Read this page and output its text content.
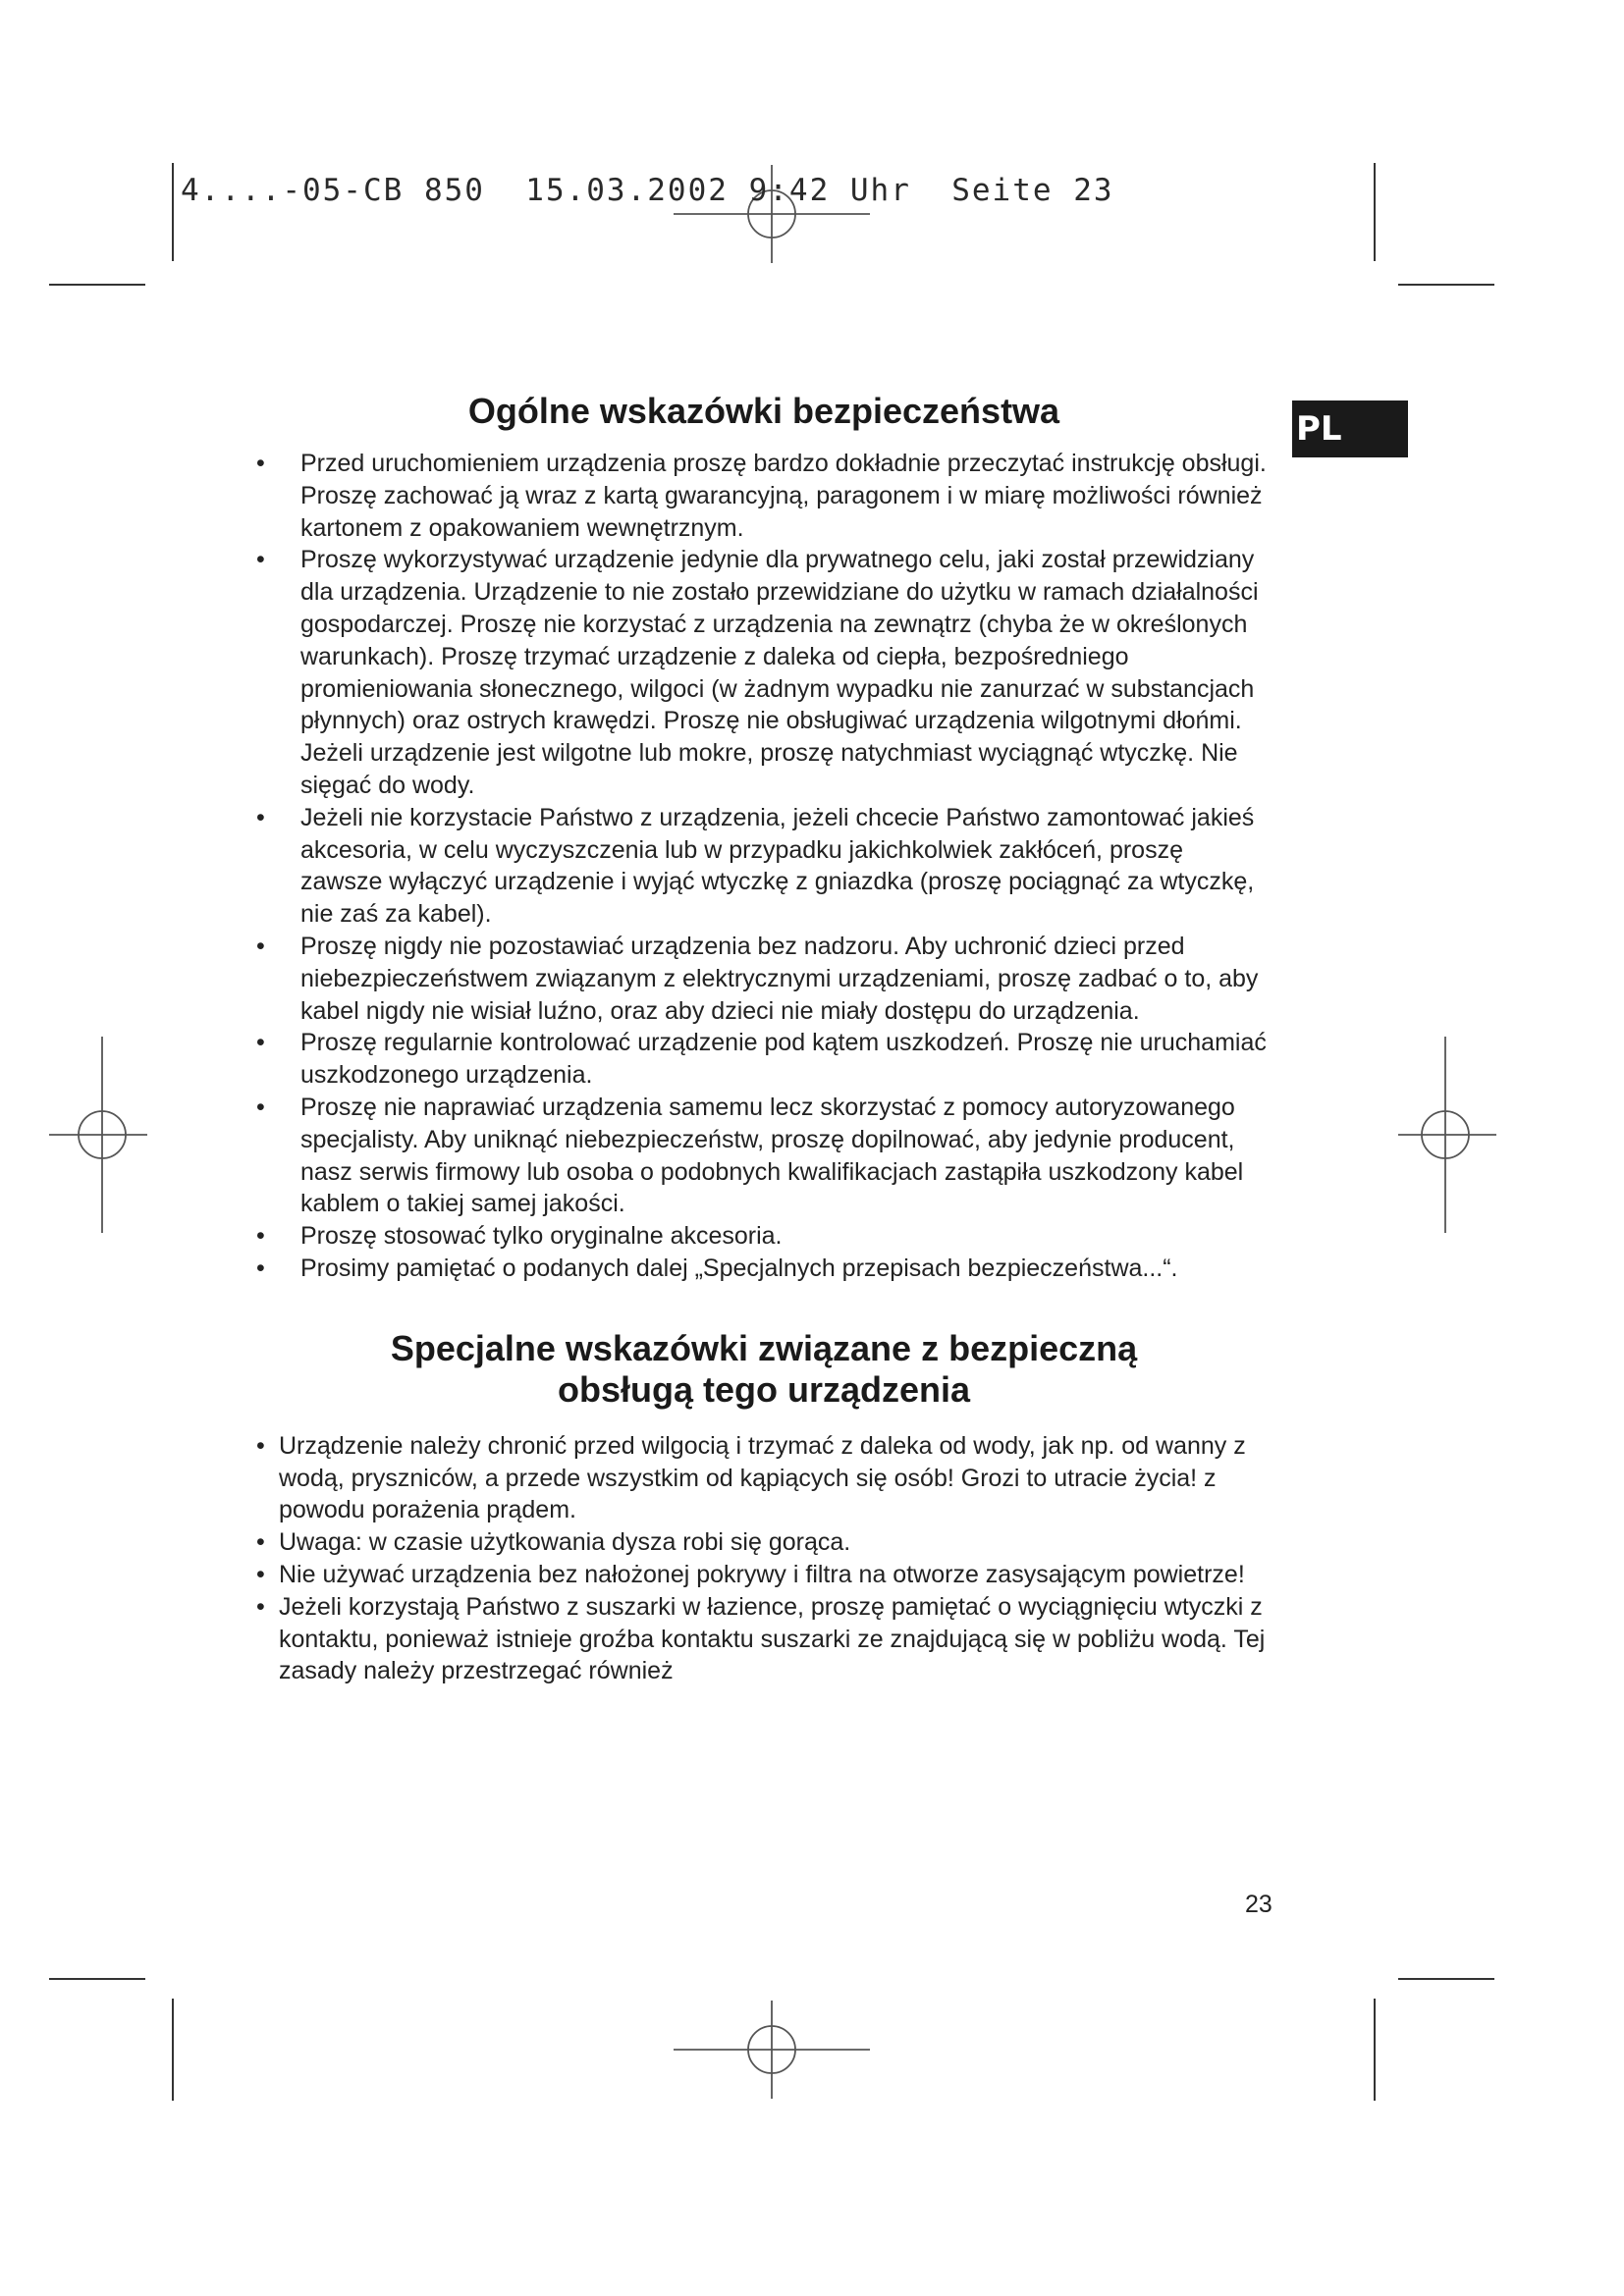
4....-05-CB 850  15.03.2002 9:42 Uhr  Seite 23
PL
Ogólne wskazówki bezpieczeństwa
• Przed uruchomieniem urządzenia proszę bardzo dokładnie przeczytać instrukcję obsługi. Proszę zachować ją wraz z kartą gwarancyjną, paragonem i w miarę możliwości również kartonem z opakowaniem wewnętrznym.
• Proszę wykorzystywać urządzenie jedynie dla prywatnego celu, jaki został przewidziany dla urządzenia. Urządzenie to nie zostało przewidziane do użytku w ramach działalności gospodarczej. Proszę nie korzystać z urządzenia na zewnątrz (chyba że w określonych warunkach). Proszę trzymać urządzenie z daleka od ciepła, bezpośredniego promieniowania słonecznego, wilgoci (w żadnym wypadku nie zanurzać w substancjach płynnych) oraz ostrych krawędzi. Proszę nie obsługiwać urządzenia wilgotnymi dłońmi. Jeżeli urządzenie jest wilgotne lub mokre, proszę natychmiast wyciągnąć wtyczkę. Nie sięgać do wody.
• Jeżeli nie korzystacie Państwo z urządzenia, jeżeli chcecie Państwo zamontować jakieś akcesoria, w celu wyczyszczenia lub w przypadku jakichkolwiek zakłóceń, proszę zawsze wyłączyć urządzenie i wyjąć wtyczkę z gniazdka (proszę pociągnąć za wtyczkę, nie zaś za kabel).
• Proszę nigdy nie pozostawiać urządzenia bez nadzoru. Aby uchronić dzieci przed niebezpieczeństwem związanym z elektrycznymi urządzeniami, proszę zadbać o to, aby kabel nigdy nie wisiał luźno, oraz aby dzieci nie miały dostępu do urządzenia.
• Proszę regularnie kontrolować urządzenie pod kątem uszkodzeń. Proszę nie uruchamiać uszkodzonego urządzenia.
• Proszę nie naprawiać urządzenia samemu lecz skorzystać z pomocy autoryzowanego specjalisty. Aby uniknąć niebezpieczeństw, proszę dopilnować, aby jedynie producent, nasz serwis firmowy lub osoba o podobnych kwalifikacjach zastąpiła uszkodzony kabel kablem o takiej samej jakości.
• Proszę stosować tylko oryginalne akcesoria.
• Prosimy pamiętać o podanych dalej „Specjalnych przepisach bezpieczeństwa...“.
Specjalne wskazówki związane z bezpieczną
obsługą tego urządzenia
• Urządzenie należy chronić przed wilgocią i trzymać z daleka od wody, jak np. od wanny z wodą, pryszniców, a przede wszystkim od kąpiących się osób! Grozi to utracie życia! z powodu porażenia prądem.
• Uwaga: w czasie użytkowania dysza robi się gorąca.
• Nie używać urządzenia bez nałożonej pokrywy i filtra na otworze zasysającym powietrze!
• Jeżeli korzystają Państwo z suszarki w łazience, proszę pamiętać o wyciągnięciu wtyczki z kontaktu, ponieważ istnieje groźba kontaktu suszarki ze znajdującą się w pobliżu wodą. Tej zasady należy przestrzegać również
23
